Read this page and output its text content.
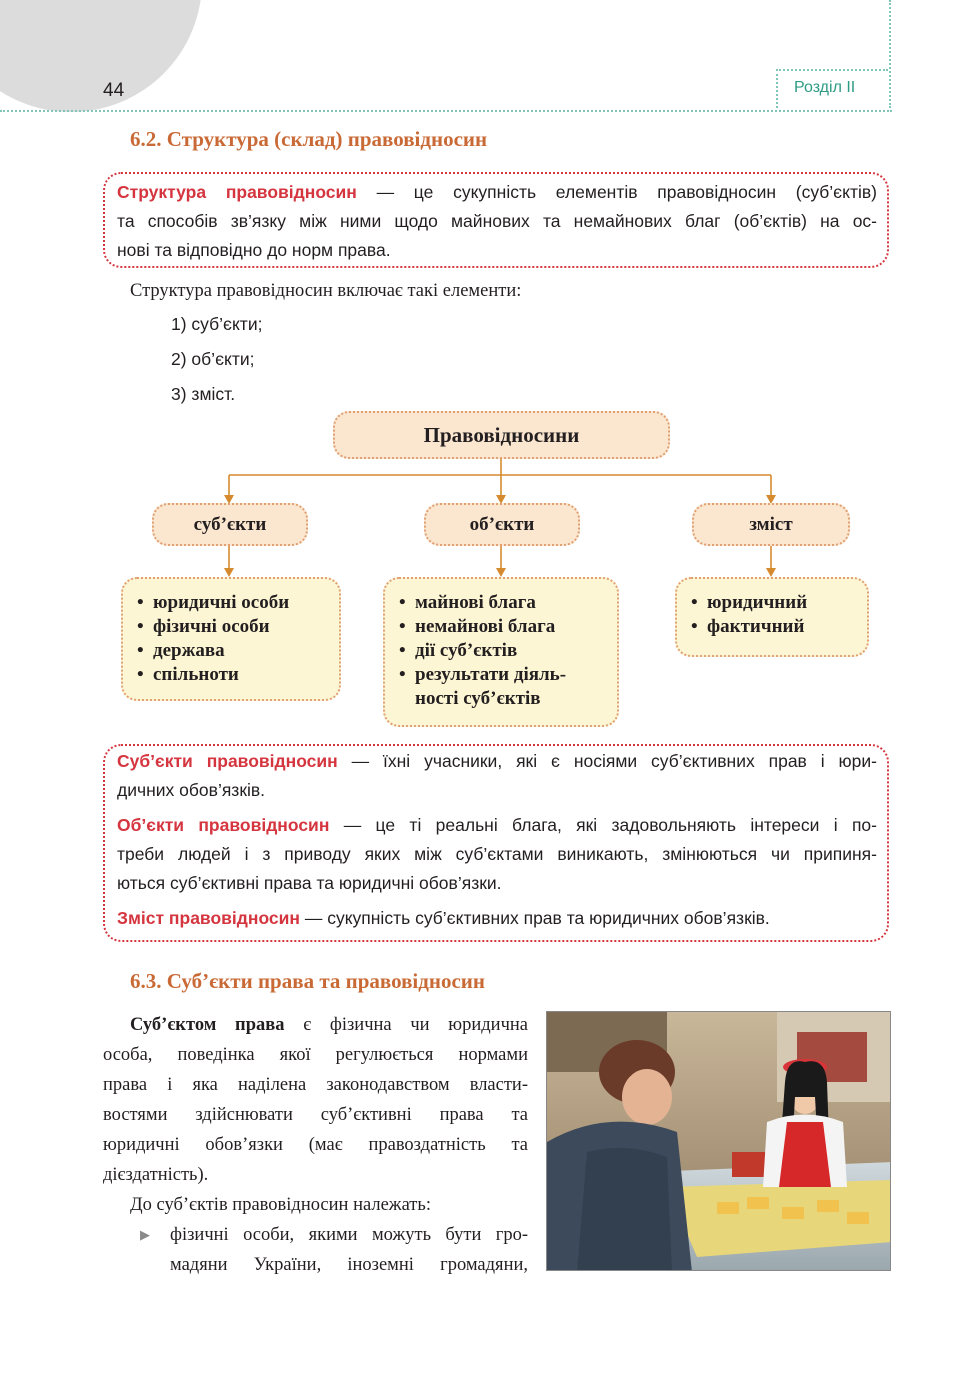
44	Розділ II
6.2. Структура (склад) правовідносин
Структура правовідносин — це сукупність елементів правовідносин (суб’єктів)
та способів зв’язку між ними щодо майнових та немайнових благ (об’єктів) на ос-
нові та відповідно до норм права.
Структура правовідносин включає такі елементи:
1) суб’єкти;
2) об’єкти;
3) зміст.
Правовідносини
суб’єкти	об’єкти	зміст
• юридичні особи
• фізичні особи
• держава
• спільноти
• майнові блага
• немайнові блага
• дії суб’єктів
• результати діяль-
ності суб’єктів
• юридичний
• фактичний
Суб’єкти правовідносин — їхні учасники, які є носіями суб’єктивних прав і юри-
дичних обов’язків.
Об’єкти правовідносин — це ті реальні блага, які задовольняють інтереси і по-
треби людей і з приводу яких між суб’єктами виникають, змінюються чи припиня-
ються суб’єктивні права та юридичні обов’язки.
Зміст правовідносин — сукупність суб’єктивних прав та юридичних обов’язків.
6.3. Суб’єкти права та правовідносин
Суб’єктом права є фізична чи юридична
особа, поведінка якої регулюється нормами
права і яка наділена законодавством власти-
востями здійснювати суб’єктивні права та
юридичні обов’язки (має правоздатність та
дієздатність).
До суб’єктів правовідносин належать:
▶ фізичні особи, якими можуть бути гро-
мадяни України, іноземні громадяни,
